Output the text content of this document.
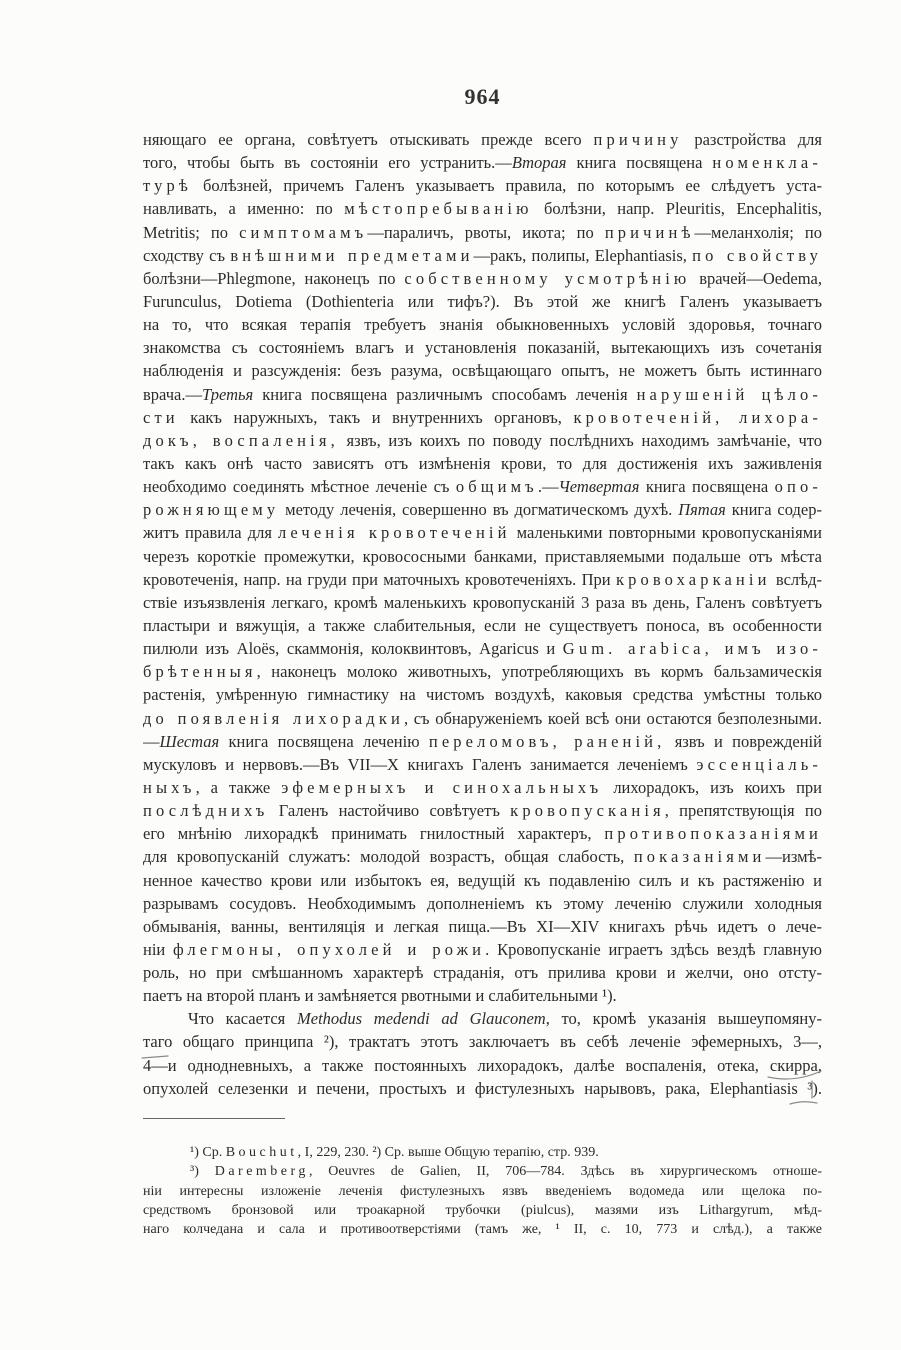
964
няющаго ее органа, совѣтуетъ отыскивать прежде всего причину разстройства для
того, чтобы быть въ состояніи его устранить.—Вторая книга посвящена номенкла-
турѣ болѣзней, причемъ Галенъ указываетъ правила, по которымъ ее слѣдуетъ уста-
навливать, а именно: по мѣстопребыванію болѣзни, напр. Pleuritis, Encephalitis,
Metritis; по симптомамъ—параличъ, рвоты, икота; по причинѣ—меланхолія; по
сходству съ внѣшними предметами—ракъ, полипы, Elephantiasis, по свойству
болѣзни—Phlegmone, наконецъ по собственному усмотрѣнію врачей—Oedema,
Furunculus, Dotiema (Dothienteria или тифъ?). Въ этой же книгѣ Галенъ указываетъ
на то, что всякая терапія требуетъ знанія обыкновенныхъ условій здоровья, точнаго
знакомства съ состояніемъ влагъ и установленія показаній, вытекающихъ изъ сочетанія
наблюденія и разсужденія: безъ разума, освѣщающаго опытъ, не можетъ быть истиннаго
врача.—Третья книга посвящена различнымъ способамъ леченія нарушеній цѣло-
сти какъ наружныхъ, такъ и внутреннихъ органовъ, кровотеченій, лихора-
докъ, воспаленія, язвъ, изъ коихъ по поводу послѣднихъ находимъ замѣчаніе, что
такъ какъ онѣ часто зависятъ отъ измѣненія крови, то для достиженія ихъ заживленія
необходимо соединять мѣстное леченіе съ общимъ.—Четвертая книга посвящена опо-
рожняющему методу леченія, совершенно въ догматическомъ духѣ. Пятая книга содер-
житъ правила для леченія кровотеченій маленькими повторными кровопусканіями
черезъ короткіе промежутки, кровососными банками, приставляемыми подальше отъ мѣста
кровотеченія, напр. на груди при маточныхъ кровотеченіяхъ. При кровохарканіи вслѣд-
ствіе изъязвленія легкаго, кромѣ маленькихъ кровопусканій 3 раза въ день, Галенъ совѣтуетъ
пластыри и вяжущія, а также слабительныя, если не существуетъ поноса, въ особенности
пилюли изъ Aloës, скаммонія, колоквинтовъ, Agaricus и Gum. arabica, имъ изо-
брѣтенныя, наконецъ молоко животныхъ, употребляющихъ въ кормъ бальзамическія
растенія, умѣренную гимнастику на чистомъ воздухѣ, каковыя средства умѣстны только
до появленія лихорадки, съ обнаруженіемъ коей всѣ они остаются безполезными.
—Шестая книга посвящена леченію переломовъ, раненій, язвъ и поврежденій
мускуловъ и нервовъ.—Въ VII—X книгахъ Галенъ занимается леченіемъ эссенціаль-
ныхъ, а также эфемерныхъ и синохальныхъ лихорадокъ, изъ коихъ при
послѣднихъ Галенъ настойчиво совѣтуетъ кровопусканія, препятствующія по
его мнѣнію лихорадкѣ принимать гнилостный характеръ, противопоказаніями
для кровопусканій служатъ: молодой возрастъ, общая слабость, показаніями—измѣ-
ненное качество крови или избытокъ ея, ведущій къ подавленію силъ и къ растяженію и
разрывамъ сосудовъ. Необходимымъ дополненіемъ къ этому леченію служили холодныя
обмыванія, ванны, вентиляція и легкая пища.—Въ XI—XIV книгахъ рѣчь идетъ о лече-
ніи флегмоны, опухолей и рожи. Кровопусканіе играетъ здѣсь вездѣ главную
роль, но при смѣшанномъ характерѣ страданія, отъ прилива крови и желчи, оно отсту-
паетъ на второй планъ и замѣняется рвотными и слабительными ¹).
Что касается Methodus medendi ad Glauconem, то, кромѣ указанія вышеупомяну-
таго общаго принципа ²), трактатъ этотъ заключаетъ въ себѣ леченіе эфемерныхъ, 3—,
4—и однодневныхъ, а также постоянныхъ лихорадокъ, далѣе воспаленія, отека, скирра,
опухолей селезенки и печени, простыхъ и фистулезныхъ нарывовъ, рака, Elephantiasis ³).
¹) Ср. Bouchut, I, 229, 230. ²) Ср. выше Общую терапію, стр. 939.
³) Daremberg, Oeuvres de Galien, II, 706—784. Здѣсь въ хирургическомъ отноше-
ніи интересны изложеніе леченія фистулезныхъ язвъ введеніемъ водомеда или щелока по-
средствомъ бронзовой или троакарной трубочки (piulcus), мазями изъ Lithargyrum, мѣд-
наго колчедана и сала и противоотверстіями (тамъ же, ¹ II, с. 10, 773 и слѣд.), а также
